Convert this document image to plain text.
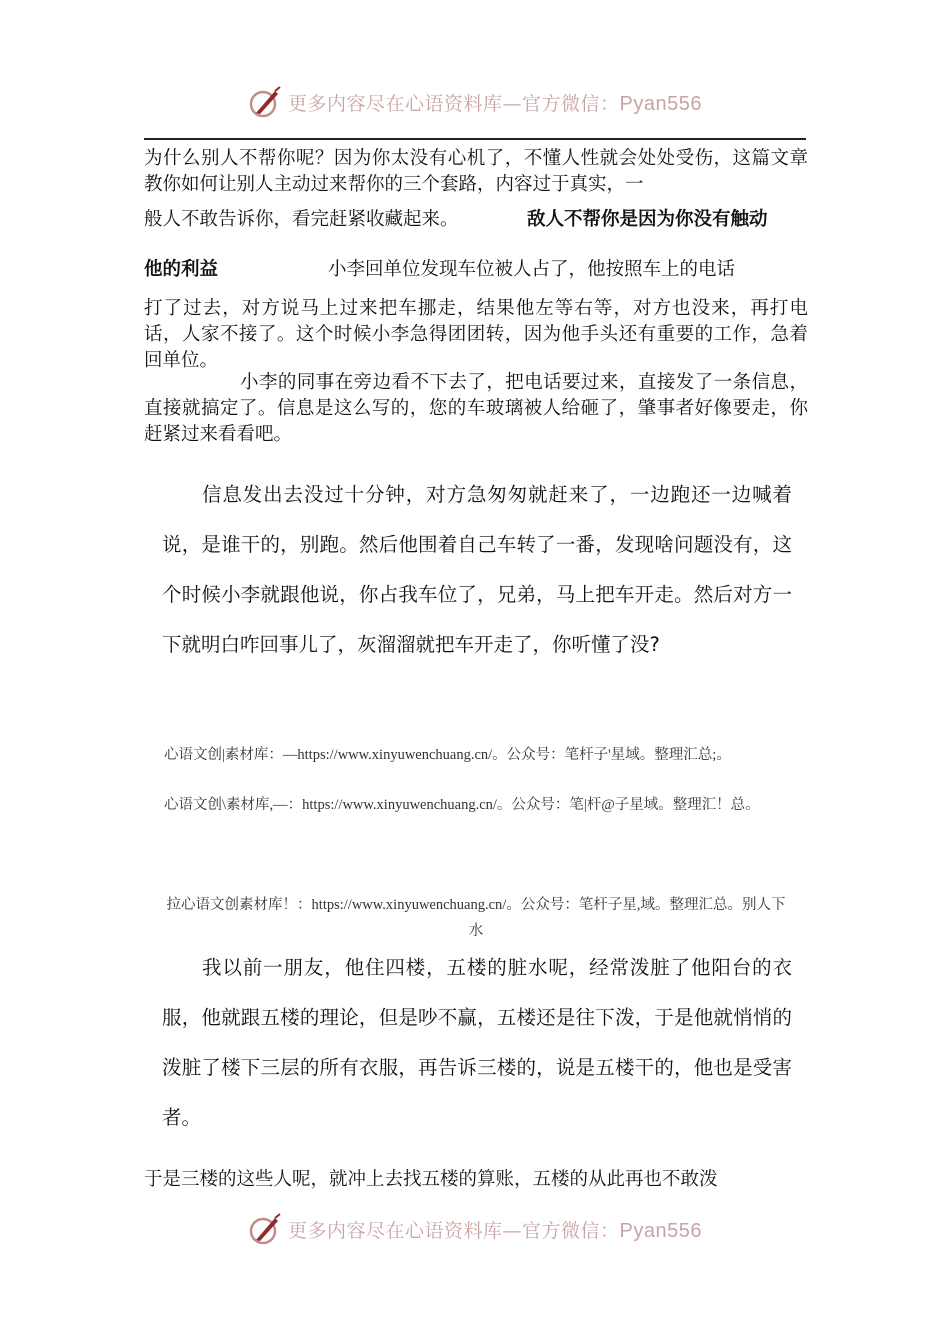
更多内容尽在心语资料库—官方微信：Pyan556

为什么别人不帮你呢？因为你太没有心机了，不懂人性就会处处受伤，这篇文章教你如何让别人主动过来帮你的三个套路，内容过于真实，一

般人不敢告诉你，看完赶紧收藏起来。	敌人不帮你是因为你没有触动

他的利益	小李回单位发现车位被人占了，他按照车上的电话

打了过去，对方说马上过来把车挪走，结果他左等右等，对方也没来，再打电话，人家不接了。这个时候小李急得团团转，因为他手头还有重要的工作，急着回单位。

小李的同事在旁边看不下去了，把电话要过来，直接发了一条信息，直接就搞定了。信息是这么写的，您的车玻璃被人给砸了，肇事者好像要走，你赶紧过来看看吧。

信息发出去没过十分钟，对方急匆匆就赶来了，一边跑还一边喊着说，是谁干的，别跑。然后他围着自己车转了一番，发现啥问题没有，这个时候小李就跟他说，你占我车位了，兄弟，马上把车开走。然后对方一下就明白咋回事儿了，灰溜溜就把车开走了，你听懂了没?

心语文创|素材库：—https://www.xinyuwenchuang.cn/。公众号：笔杆子'星域。整理汇总;。

心语文创\素材库,—：https://www.xinyuwenchuang.cn/。公众号：笔|杆@子星域。整理汇！总。

拉心语文创素材库！：https://www.xinyuwenchuang.cn/。公众号：笔杆子星,域。整理汇总。别人下水

我以前一朋友，他住四楼，五楼的脏水呢，经常泼脏了他阳台的衣服，他就跟五楼的理论，但是吵不赢，五楼还是往下泼，于是他就悄悄的泼脏了楼下三层的所有衣服，再告诉三楼的，说是五楼干的，他也是受害者。

于是三楼的这些人呢，就冲上去找五楼的算账，五楼的从此再也不敢泼

更多内容尽在心语资料库—官方微信：Pyan556
